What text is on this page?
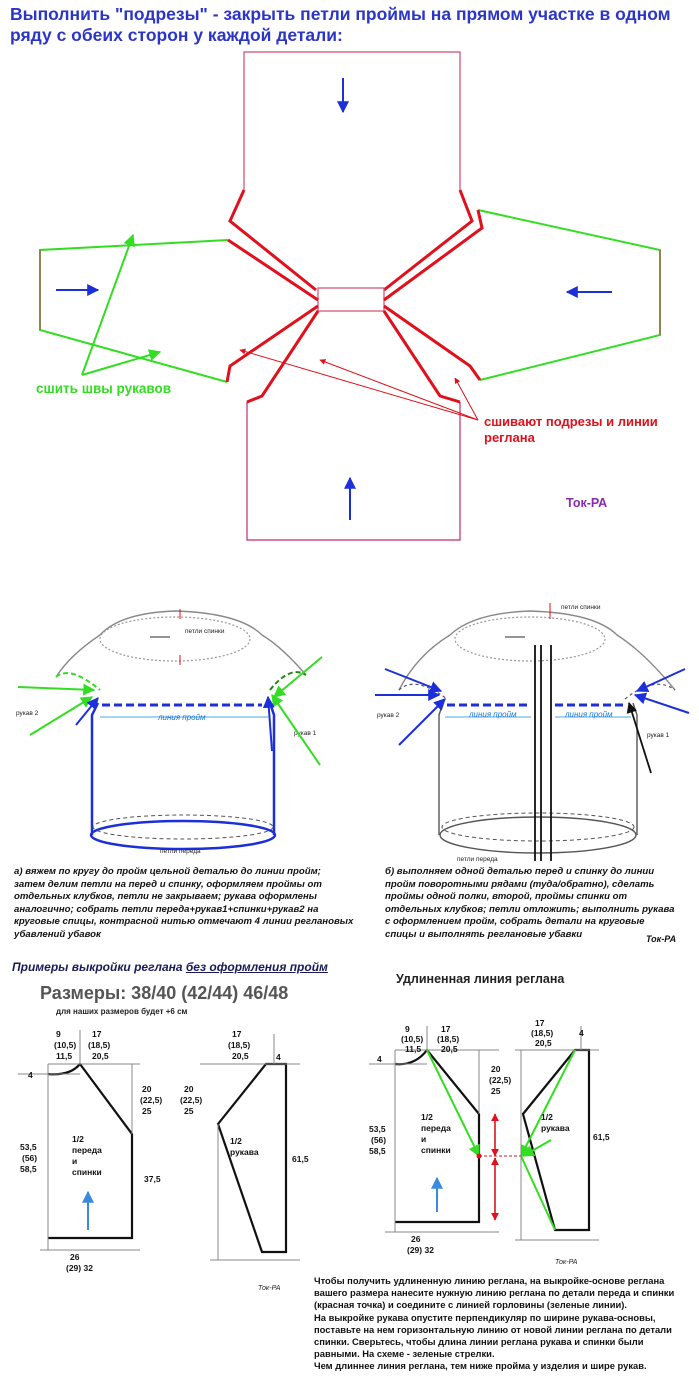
Выполнить "подрезы" - закрыть петли проймы на прямом участке в одном ряду с обеих сторон у каждой детали:
сшить швы рукавов
сшивают подрезы и линии
реглана
Ток-РА
петли спинки
линия пройм
петли переда
рукав 2
рукав 1
петли спинки
линия пройм	линия пройм
петли переда
рукав 2
рукав 1
а) вяжем по кругу до пройм цельной деталью до линии пройм;
затем делим петли на перед и спинку, оформляем проймы от
отдельных клубков, петли не закрываем; рукава оформлены
аналогично; собрать петли переда+рукав1+спинки+рукав2 на
круговые спицы, контрасной нитью отмечают 4 линии реглановых
убавлений убавок
б) выполняем одной деталью перед и спинку до линии
пройм поворотными рядами (туда/обратно), сделать
проймы одной полки, второй, проймы спинки от
отдельных клубков; петли отложить; выполнить рукава
с оформлением пройм, собрать детали на круговые
спицы и выполнять реглановые убавки	Ток-РА
Примеры выкройки реглана без оформления пройм
Размеры: 38/40 (42/44) 46/48
для наших размеров будет +6 см
9
(10,5)
11,5
17
(18,5)
20,5
4
20
(22,5)
25
53,5
(56)
58,5
37,5
1/2
переда
и
спинки
26
(29) 32
17
(18,5)
20,5	4
20
(22,5)
25
61,5
1/2
рукава
Ток-РА
Удлиненная линия реглана
9
(10,5)
11,5
17
(18,5)
20,5
4
20
(22,5)
25
53,5
(56)
58,5
1/2
переда
и
спинки
26
(29) 32
17
(18,5)
20,5
4
61,5
1/2
рукава
Ток-РА
Чтобы получить удлиненную линию реглана, на выкройке-основе реглана
вашего размера нанесите нужную линию реглана по детали переда и спинки
(красная точка) и соедините с линией горловины (зеленые линии).
На выкройке рукава опустите перпендикуляр по ширине рукава-основы,
поставьте на нем горизонтальную линию от новой линии реглана по детали
спинки. Сверьтесь, чтобы длина линии реглана рукава и спинки были
равными. На схеме - зеленые стрелки.
Чем длиннее линия реглана, тем ниже пройма у изделия и шире рукав.
